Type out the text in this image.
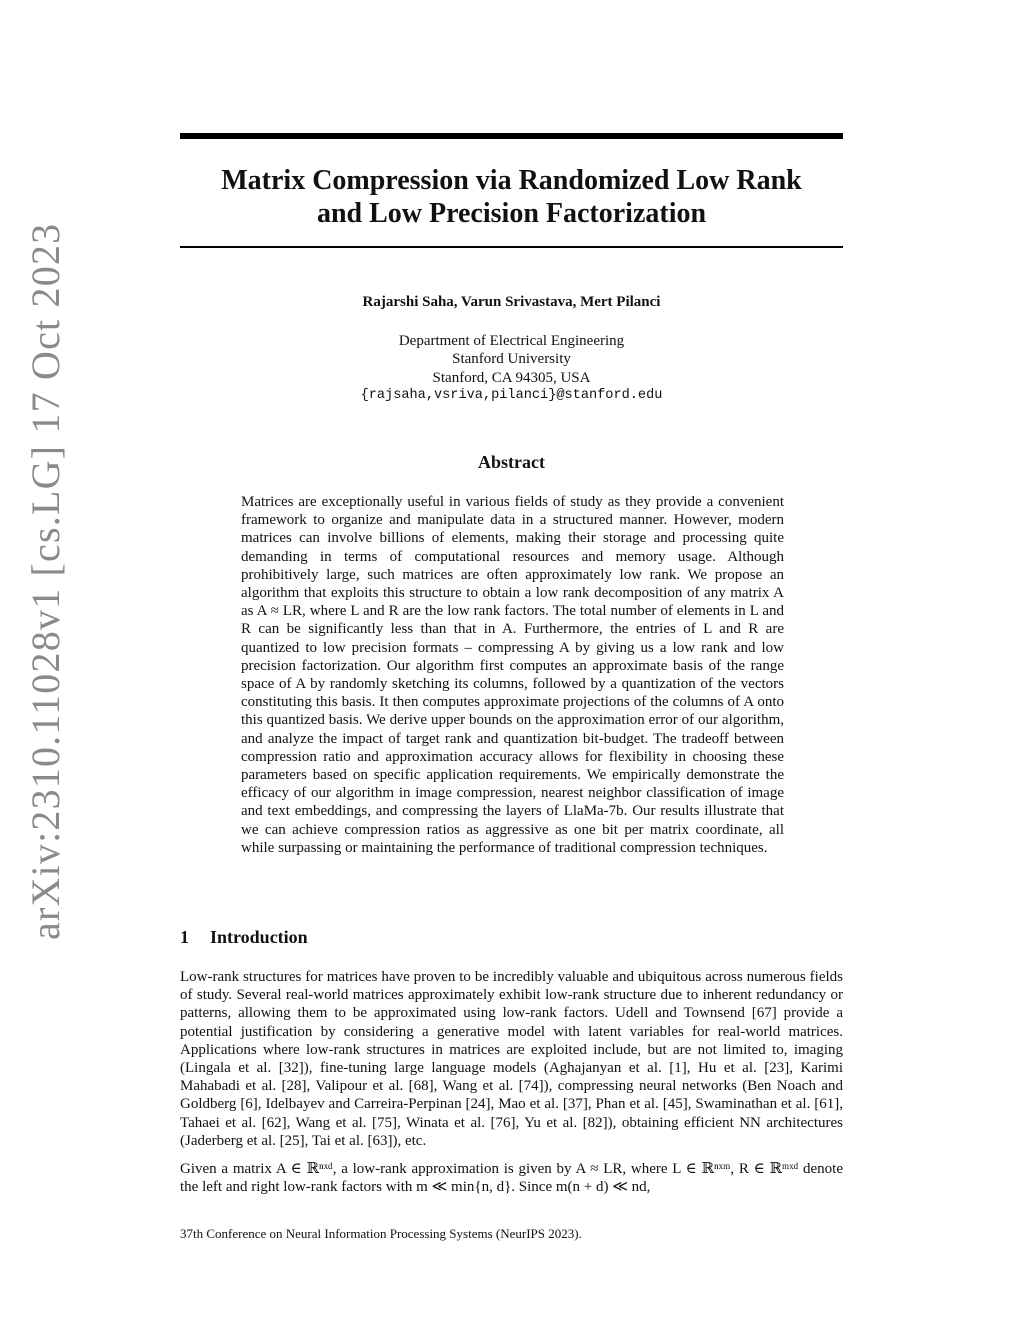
arXiv:2310.11028v1 [cs.LG] 17 Oct 2023
Matrix Compression via Randomized Low Rank
and Low Precision Factorization
Rajarshi Saha, Varun Srivastava, Mert Pilanci
Department of Electrical Engineering
Stanford University
Stanford, CA 94305, USA
{rajsaha,vsriva,pilanci}@stanford.edu
Abstract

Matrices are exceptionally useful in various fields of study as they provide a convenient framework to organize and manipulate data in a structured manner. However, modern matrices can involve billions of elements, making their storage and processing quite demanding in terms of computational resources and memory usage. Although prohibitively large, such matrices are often approximately low rank. We propose an algorithm that exploits this structure to obtain a low rank decomposition of any matrix A as A ≈ LR, where L and R are the low rank factors. The total number of elements in L and R can be significantly less than that in A. Furthermore, the entries of L and R are quantized to low precision formats – compressing A by giving us a low rank and low precision factorization. Our algorithm first computes an approximate basis of the range space of A by randomly sketching its columns, followed by a quantization of the vectors constituting this basis. It then computes approximate projections of the columns of A onto this quantized basis. We derive upper bounds on the approximation error of our algorithm, and analyze the impact of target rank and quantization bit-budget. The tradeoff between compression ratio and approximation accuracy allows for flexibility in choosing these parameters based on specific application requirements. We empirically demonstrate the efficacy of our algorithm in image compression, nearest neighbor classification of image and text embeddings, and compressing the layers of LlaMa-7b. Our results illustrate that we can achieve compression ratios as aggressive as one bit per matrix coordinate, all while surpassing or maintaining the performance of traditional compression techniques.

1 Introduction

Low-rank structures for matrices have proven to be incredibly valuable and ubiquitous across numerous fields of study. Several real-world matrices approximately exhibit low-rank structure due to inherent redundancy or patterns, allowing them to be approximated using low-rank factors. Udell and Townsend [67] provide a potential justification by considering a generative model with latent variables for real-world matrices. Applications where low-rank structures in matrices are exploited include, but are not limited to, imaging (Lingala et al. [32]), fine-tuning large language models (Aghajanyan et al. [1], Hu et al. [23], Karimi Mahabadi et al. [28], Valipour et al. [68], Wang et al. [74]), compressing neural networks (Ben Noach and Goldberg [6], Idelbayev and Carreira-Perpinan [24], Mao et al. [37], Phan et al. [45], Swaminathan et al. [61], Tahaei et al. [62], Wang et al. [75], Winata et al. [76], Yu et al. [82]), obtaining efficient NN architectures (Jaderberg et al. [25], Tai et al. [63]), etc.

Given a matrix A ∈ ℝⁿˣᵈ, a low-rank approximation is given by A ≈ LR, where L ∈ ℝⁿˣᵐ, R ∈ ℝᵐˣᵈ denote the left and right low-rank factors with m ≪ min{n, d}. Since m(n + d) ≪ nd,

37th Conference on Neural Information Processing Systems (NeurIPS 2023).
